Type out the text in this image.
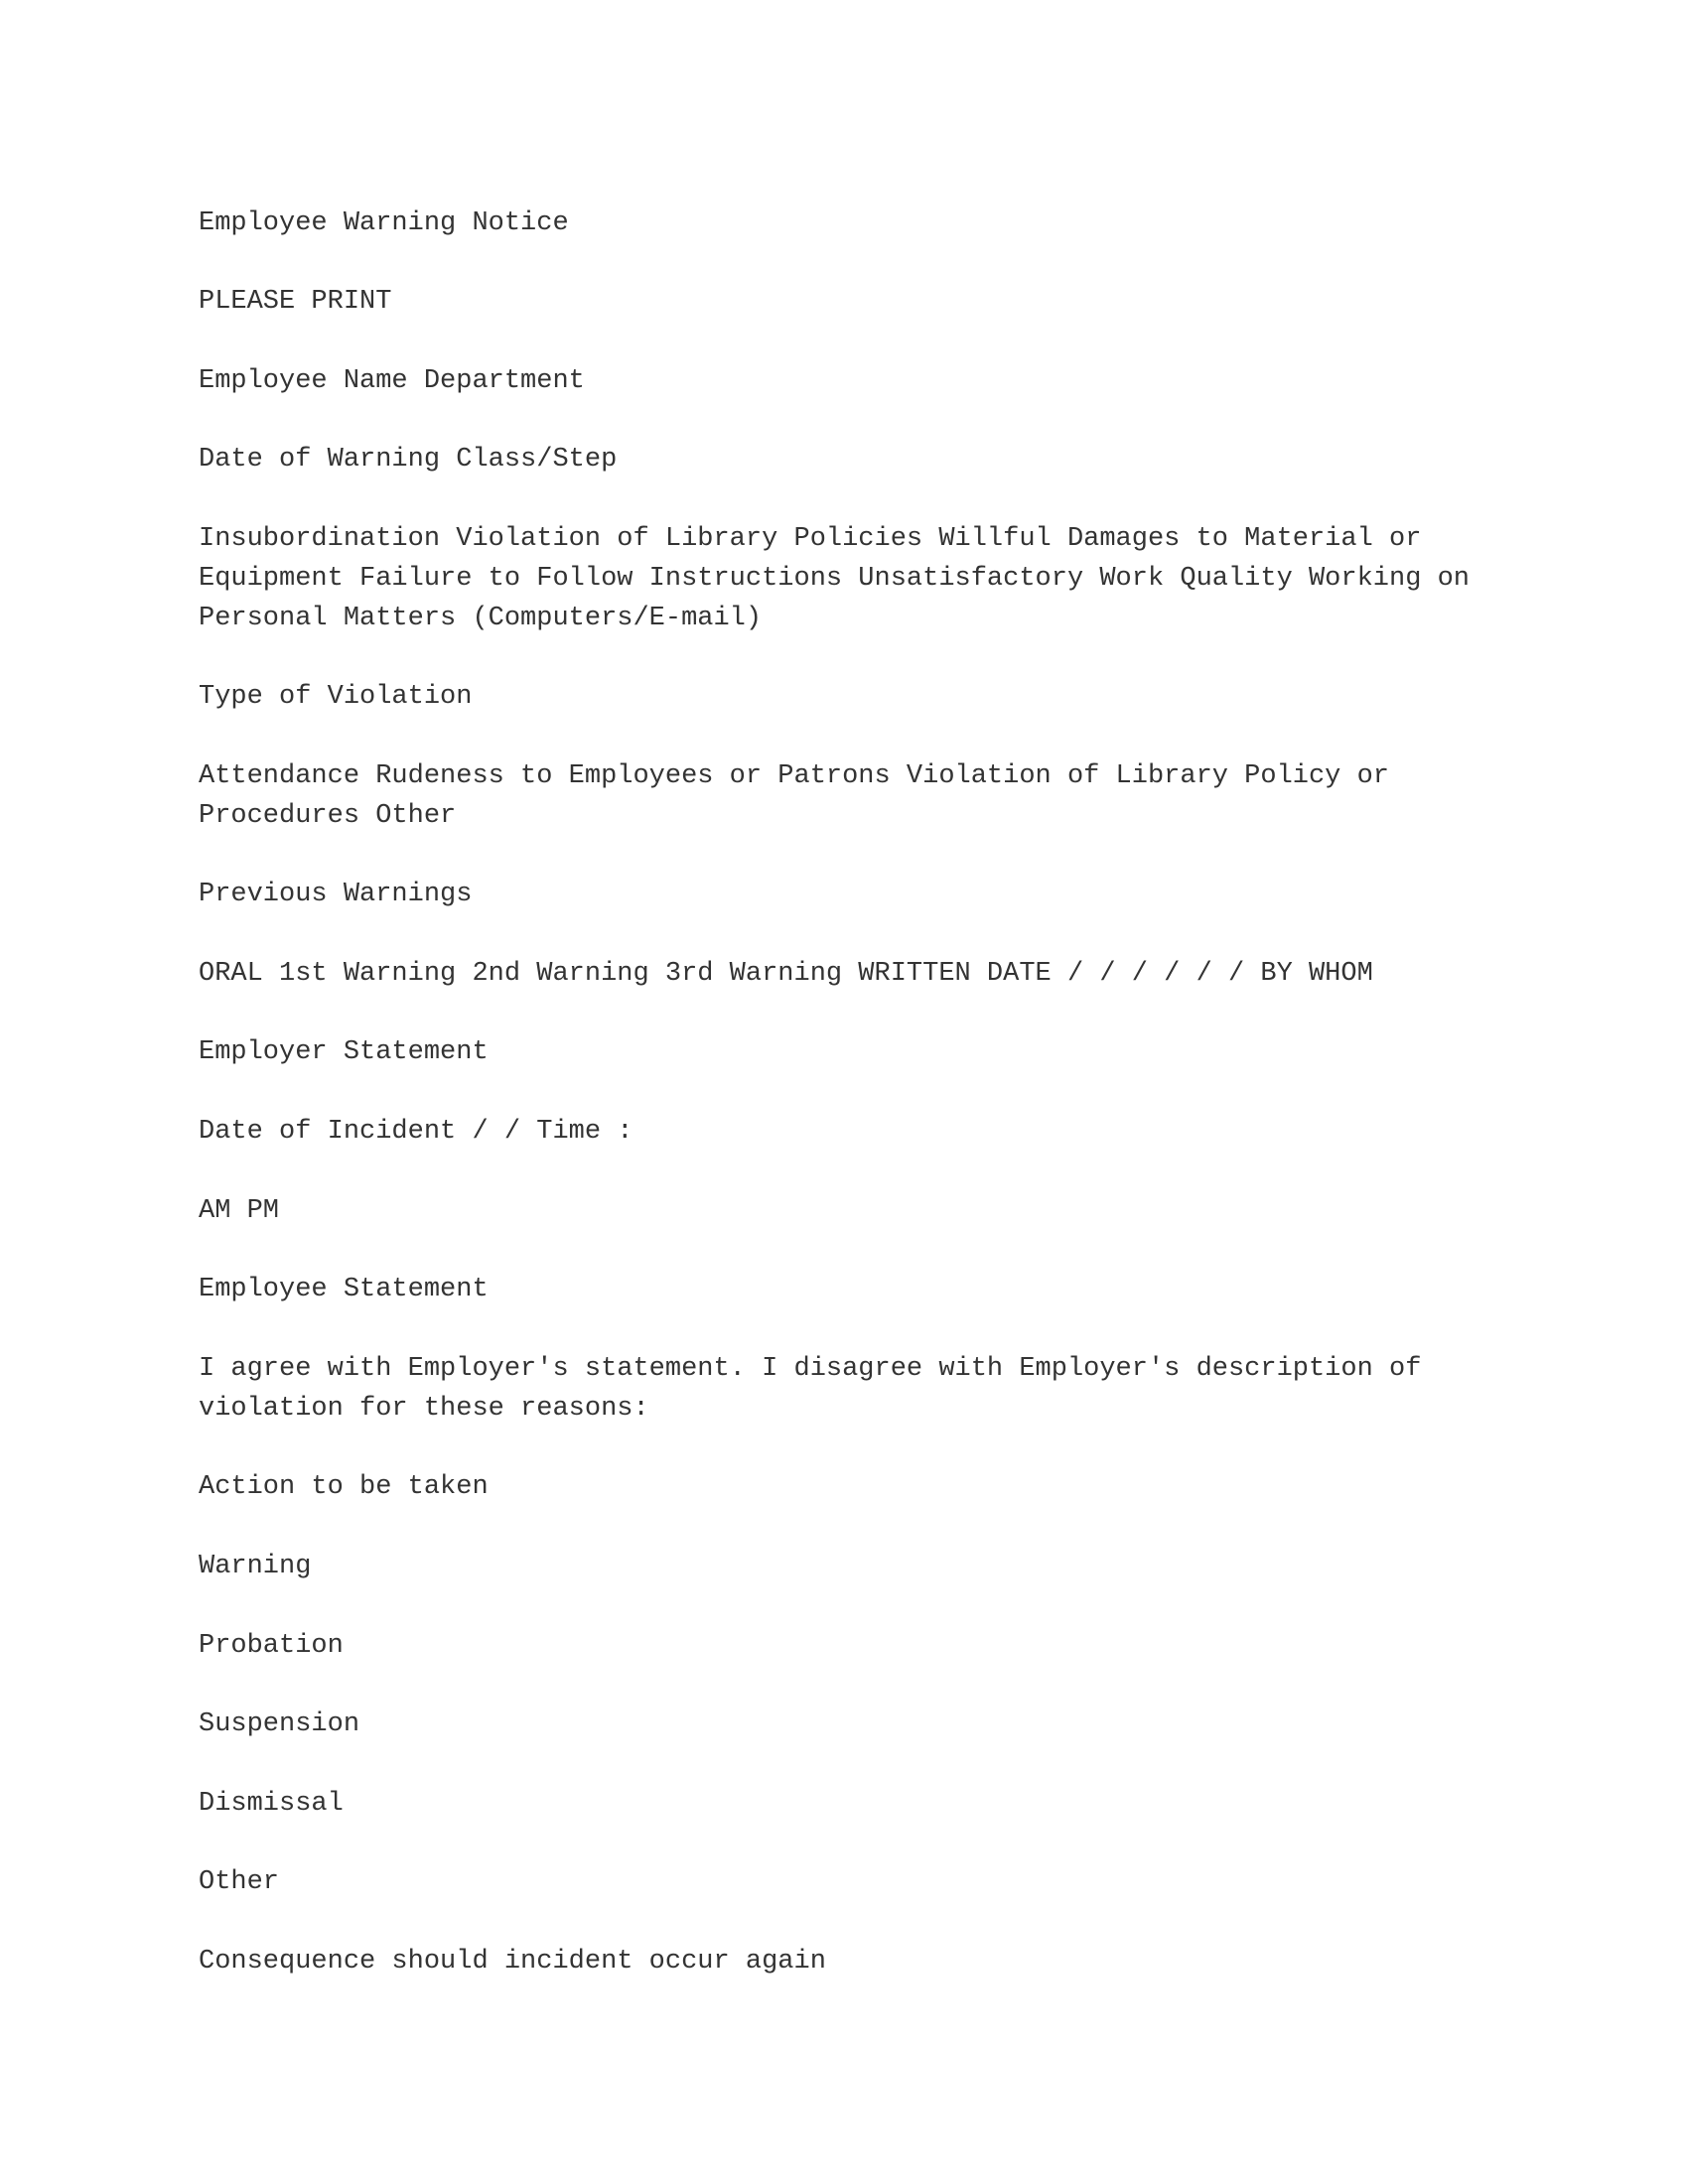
Employee Warning Notice

PLEASE PRINT

Employee Name Department

Date of Warning Class/Step

Insubordination Violation of Library Policies Willful Damages to Material or Equipment Failure to Follow Instructions Unsatisfactory Work Quality Working on Personal Matters (Computers/E-mail)

Type of Violation

Attendance Rudeness to Employees or Patrons Violation of Library Policy or Procedures Other

Previous Warnings

ORAL 1st Warning 2nd Warning 3rd Warning WRITTEN DATE / / / / / / BY WHOM

Employer Statement

Date of Incident / / Time :

AM PM

Employee Statement

I agree with Employer's statement. I disagree with Employer's description of violation for these reasons:

Action to be taken

Warning

Probation

Suspension

Dismissal

Other

Consequence should incident occur again
